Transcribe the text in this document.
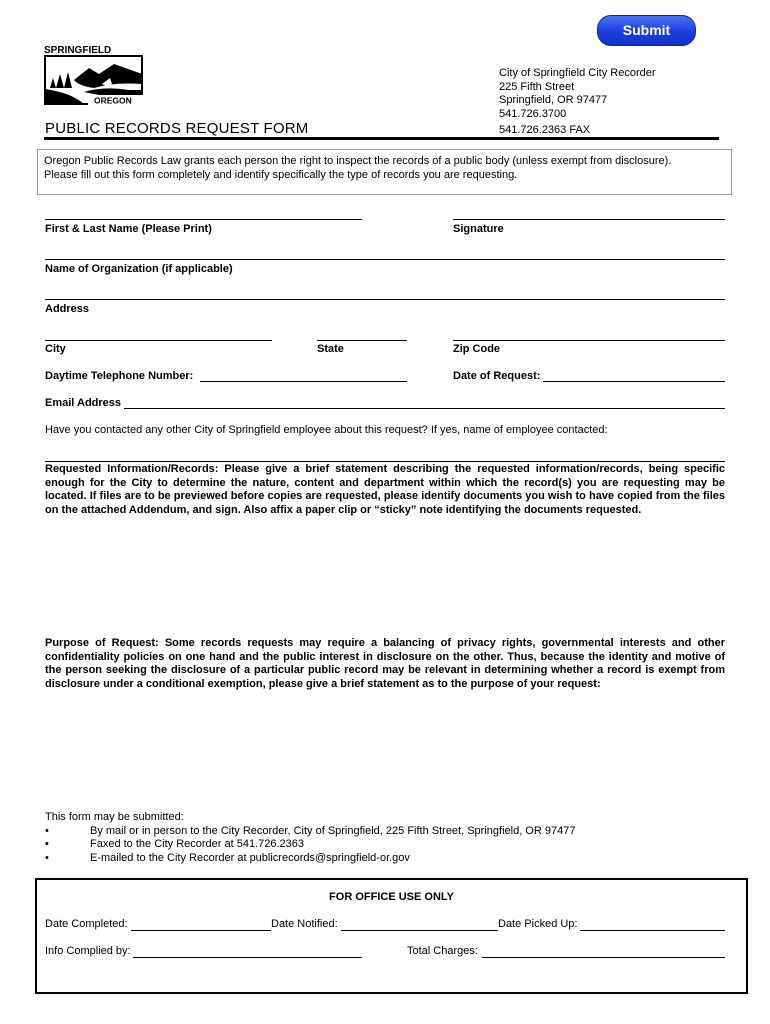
Submit
SPRINGFIELD
OREGON
City of Springfield City Recorder
225 Fifth Street
Springfield, OR 97477
541.726.3700
541.726.2363 FAX
PUBLIC RECORDS REQUEST FORM
Oregon Public Records Law grants each person the right to inspect the records of a public body (unless exempt from disclosure).
Please fill out this form completely and identify specifically the type of records you are requesting.
First & Last Name (Please Print)	Signature
Name of Organization (if applicable)
Address
City	State	Zip Code
Daytime Telephone Number:	Date of Request:
Email Address
Have you contacted any other City of Springfield employee about this request? If yes, name of employee contacted:
Requested Information/Records: Please give a brief statement describing the requested information/records, being specific enough for the City to determine the nature, content and department within which the record(s) you are requesting may be located. If files are to be previewed before copies are requested, please identify documents you wish to have copied from the files on the attached Addendum, and sign. Also affix a paper clip or “sticky” note identifying the documents requested.
Purpose of Request: Some records requests may require a balancing of privacy rights, governmental interests and other confidentiality policies on one hand and the public interest in disclosure on the other. Thus, because the identity and motive of the person seeking the disclosure of a particular public record may be relevant in determining whether a record is exempt from disclosure under a conditional exemption, please give a brief statement as to the purpose of your request:
This form may be submitted:
•	By mail or in person to the City Recorder, City of Springfield, 225 Fifth Street, Springfield, OR 97477
•	Faxed to the City Recorder at 541.726.2363
•	E-mailed to the City Recorder at publicrecords@springfield-or.gov
FOR OFFICE USE ONLY
Date Completed:	Date Notified:	Date Picked Up:
Info Complied by:	Total Charges:
